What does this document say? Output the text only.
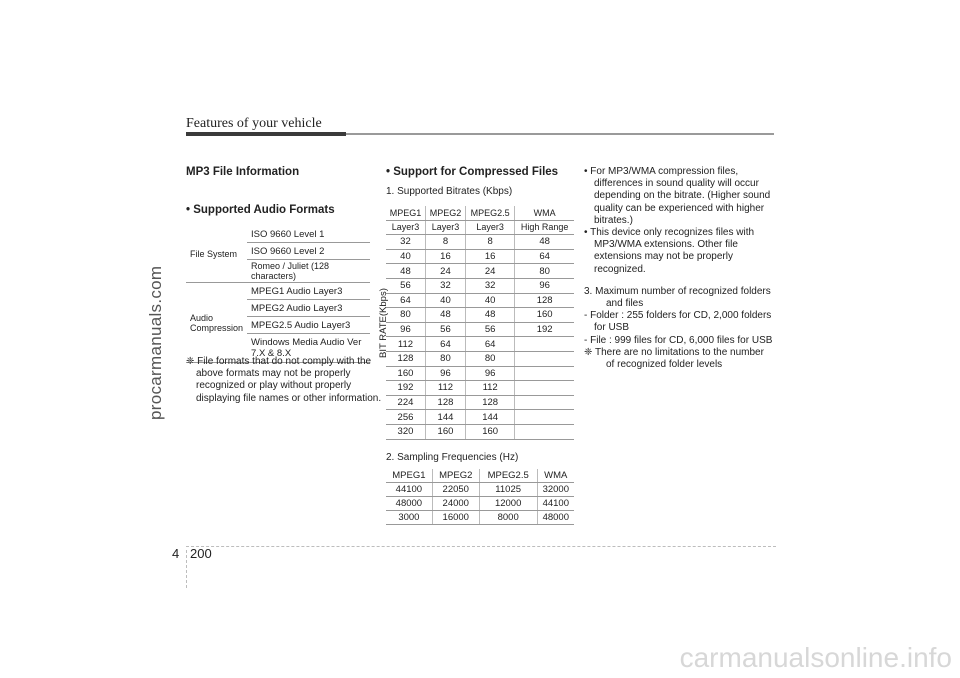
Features of your vehicle
procarmanuals.com
MP3 File Information
• Supported Audio Formats
File System	ISO 9660 Level 1
	ISO 9660 Level 2
	Romeo / Juliet (128 characters)
Audio Compression	MPEG1 Audio Layer3
	MPEG2 Audio Layer3
	MPEG2.5 Audio Layer3
	Windows Media Audio Ver 7.X & 8.X

❈ File formats that do not comply with the above formats may not be properly recognized or play without properly displaying file names or other information.

• Support for Compressed Files
1. Supported Bitrates (Kbps)
BIT RATE(Kbps)
MPEG1	MPEG2	MPEG2.5	WMA
Layer3	Layer3	Layer3	High Range
32	8	8	48
40	16	16	64
48	24	24	80
56	32	32	96
64	40	40	128
80	48	48	160
96	56	56	192
112	64	64	
128	80	80	
160	96	96	
192	112	112	
224	128	128	
256	144	144	
320	160	160	
2. Sampling Frequencies (Hz)
MPEG1	MPEG2	MPEG2.5	WMA
44100	22050	11025	32000
48000	24000	12000	44100
3000	16000	8000	48000

• For MP3/WMA compression files, differences in sound quality will occur depending on the bitrate. (Higher sound quality can be experienced with higher bitrates.)

• This device only recognizes files with MP3/WMA extensions. Other file extensions may not be properly recognized.

3. Maximum number of recognized folders and files

- Folder : 255 folders for CD, 2,000 folders for USB

- File : 999 files for CD, 6,000 files for USB

❈ There are no limitations to the number of recognized folder levels

4 200
carmanualsonline.info
